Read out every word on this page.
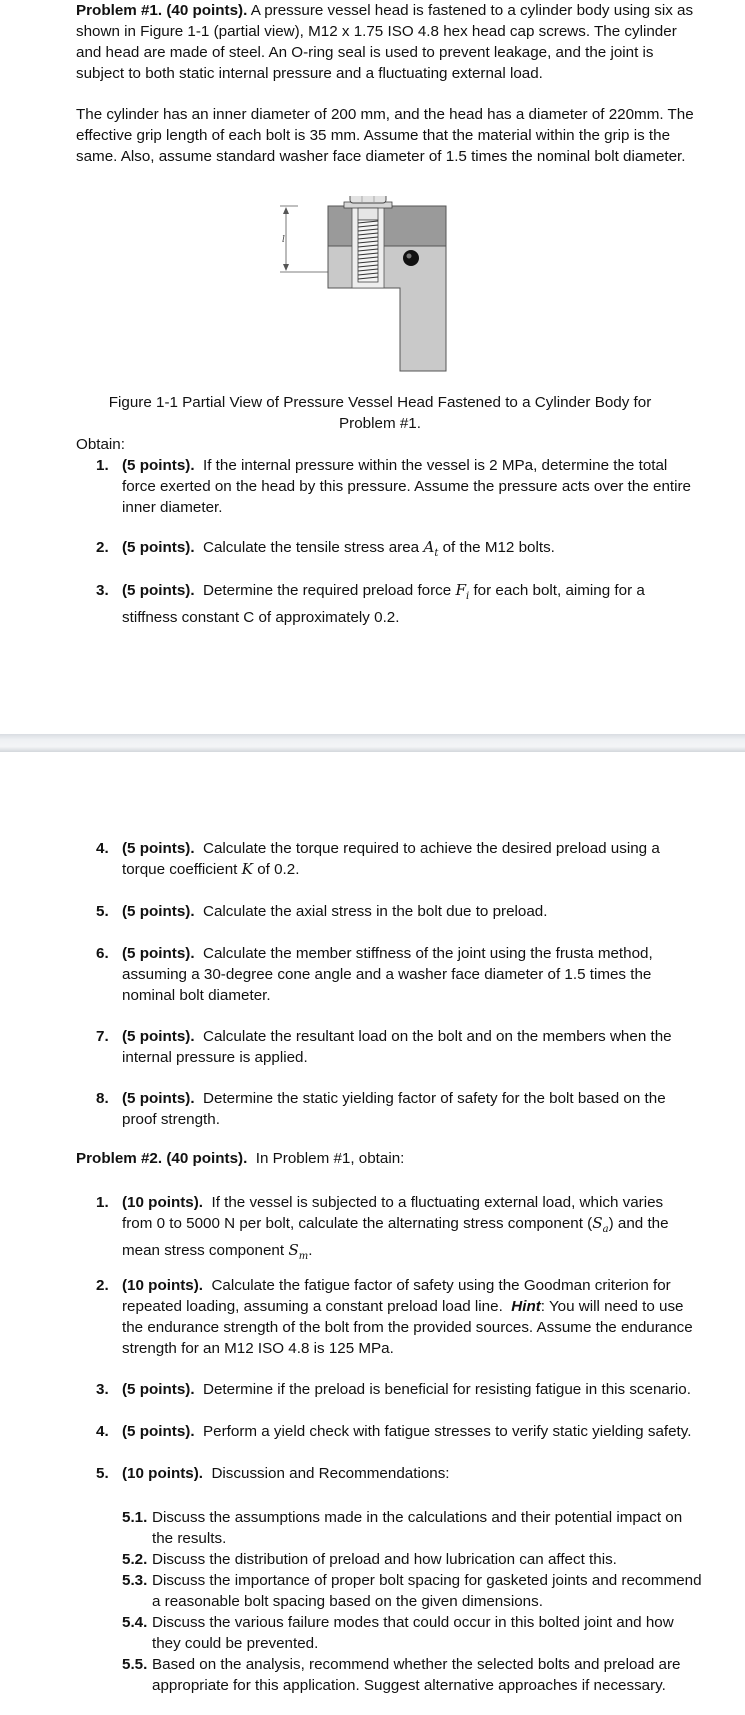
Problem #1. (40 points). A pressure vessel head is fastened to a cylinder body using six as shown in Figure 1-1 (partial view), M12 x 1.75 ISO 4.8 hex head cap screws. The cylinder and head are made of steel. An O-ring seal is used to prevent leakage, and the joint is subject to both static internal pressure and a fluctuating external load.

The cylinder has an inner diameter of 200 mm, and the head has a diameter of 220mm. The effective grip length of each bolt is 35 mm. Assume that the material within the grip is the same. Also, assume standard washer face diameter of 1.5 times the nominal bolt diameter.

l
Figure 1-1 Partial View of Pressure Vessel Head Fastened to a Cylinder Body for Problem #1.

Obtain:

1. (5 points). If the internal pressure within the vessel is 2 MPa, determine the total force exerted on the head by this pressure. Assume the pressure acts over the entire inner diameter.
2. (5 points). Calculate the tensile stress area $A_t$ of the M12 bolts.
3. (5 points). Determine the required preload force $F_i$ for each bolt, aiming for a stiffness constant C of approximately 0.2.
4. (5 points). Calculate the torque required to achieve the desired preload using a torque coefficient K of 0.2.
5. (5 points). Calculate the axial stress in the bolt due to preload.
6. (5 points). Calculate the member stiffness of the joint using the frusta method, assuming a 30-degree cone angle and a washer face diameter of 1.5 times the nominal bolt diameter.
7. (5 points). Calculate the resultant load on the bolt and on the members when the internal pressure is applied.
8. (5 points). Determine the static yielding factor of safety for the bolt based on the proof strength.

Problem #2. (40 points). In Problem #1, obtain:

1. (10 points). If the vessel is subjected to a fluctuating external load, which varies from 0 to 5000 N per bolt, calculate the alternating stress component $(S_a)$ and the mean stress component $S_m$.
2. (10 points). Calculate the fatigue factor of safety using the Goodman criterion for repeated loading, assuming a constant preload load line. Hint: You will need to use the endurance strength of the bolt from the provided sources. Assume the endurance strength for an M12 ISO 4.8 is 125 MPa.
3. (5 points). Determine if the preload is beneficial for resisting fatigue in this scenario.
4. (5 points). Perform a yield check with fatigue stresses to verify static yielding safety.
5. (10 points). Discussion and Recommendations:
5.1. Discuss the assumptions made in the calculations and their potential impact on the results.
5.2. Discuss the distribution of preload and how lubrication can affect this.
5.3. Discuss the importance of proper bolt spacing for gasketed joints and recommend a reasonable bolt spacing based on the given dimensions.
5.4. Discuss the various failure modes that could occur in this bolted joint and how they could be prevented.
5.5. Based on the analysis, recommend whether the selected bolts and preload are appropriate for this application. Suggest alternative approaches if necessary.
